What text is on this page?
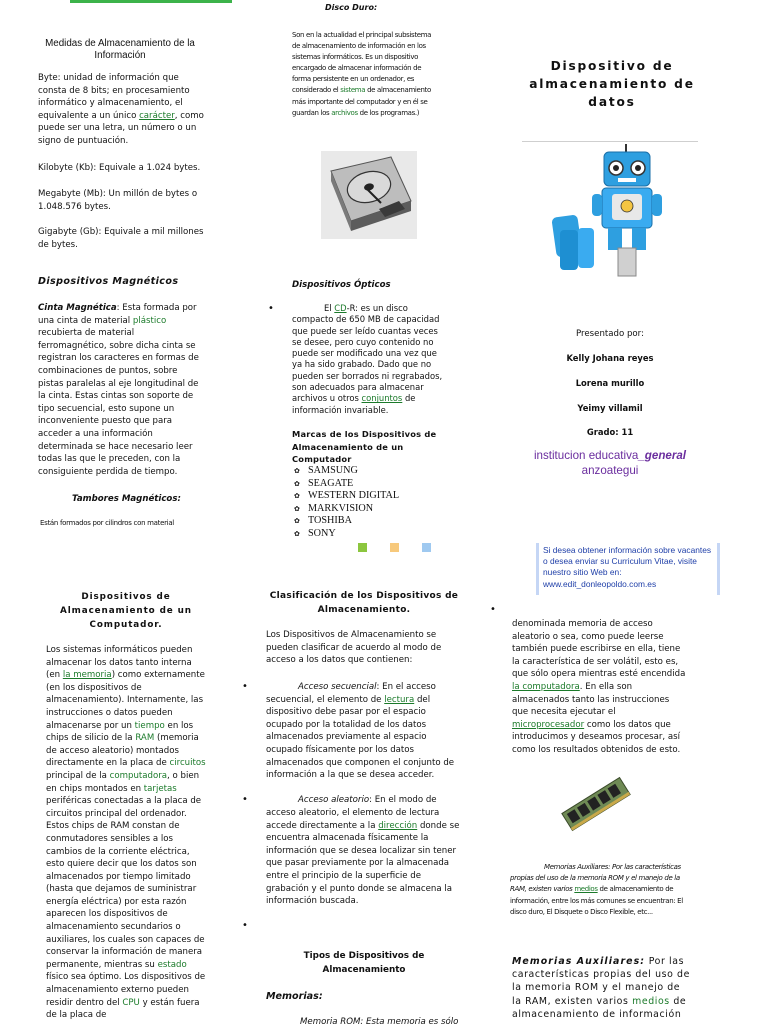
Medidas de Almacenamiento de la Información
Byte: unidad de información que consta de 8 bits; en procesamiento informático y almacenamiento, el equivalente a un único carácter, como puede ser una letra, un número o un signo de puntuación.
Kilobyte (Kb): Equivale a 1.024 bytes.
Megabyte (Mb): Un millón de bytes o 1.048.576 bytes.
Gigabyte (Gb): Equivale a mil millones de bytes.
Dispositivos Magnéticos
Cinta Magnética: Esta formada por una cinta de material plástico recubierta de material ferromagnético, sobre dicha cinta se registran los caracteres en formas de combinaciones de puntos, sobre pistas paralelas al eje longitudinal de la cinta. Estas cintas son soporte de tipo secuencial, esto supone un inconveniente puesto que para acceder a una información determinada se hace necesario leer todas las que le preceden, con la consiguiente perdida de tiempo.
Tambores Magnéticos:
Están formados por cilindros con material
Disco Duro:
Son en la actualidad el principal subsistema de almacenamiento de información en los sistemas informáticos. Es un dispositivo encargado de almacenar información de forma persistente en un ordenador, es considerado el sistema de almacenamiento más importante del computador y en él se guardan los archivos de los programas.)
Dispositivos Ópticos
• El CD-R: es un disco compacto de 650 MB de capacidad que puede ser leído cuantas veces se desee, pero cuyo contenido no puede ser modificado una vez que ya ha sido grabado. Dado que no pueden ser borrados ni regrabados, son adecuados para almacenar archivos u otros conjuntos de información invariable.
Marcas de los Dispositivos de Almacenamiento de un Computador
✿ SAMSUNG
✿ SEAGATE
✿ WESTERN DIGITAL
✿ MARKVISION
✿ TOSHIBA
✿ SONY
Dispositivo de almacenamiento de datos
Presentado por:
Kelly Johana reyes
Lorena murillo
Yeimy villamil
Grado: 11
institucion educativa_general
anzoategui
Si desea obtener información sobre vacantes o desea enviar su Curriculum Vitae, visite nuestro sitio Web en: www.edit_donleopoldo.com.es
Dispositivos de Almacenamiento de un Computador.
Los sistemas informáticos pueden almacenar los datos tanto interna (en la memoria) como externamente (en los dispositivos de almacenamiento). Internamente, las instrucciones o datos pueden almacenarse por un tiempo en los chips de silicio de la RAM (memoria de acceso aleatorio) montados directamente en la placa de circuitos principal de la computadora, o bien en chips montados en tarjetas periféricas conectadas a la placa de circuitos principal del ordenador. Estos chips de RAM constan de conmutadores sensibles a los cambios de la corriente eléctrica, esto quiere decir que los datos son almacenados por tiempo limitado (hasta que dejamos de suministrar energía eléctrica) por esta razón aparecen los dispositivos de almacenamiento secundarios o auxiliares, los cuales son capaces de conservar la información de manera permanente, mientras su estado físico sea óptimo. Los dispositivos de almacenamiento externo pueden residir dentro del CPU y están fuera de la placa de
Clasificación de los Dispositivos de Almacenamiento.
Los Dispositivos de Almacenamiento se pueden clasificar de acuerdo al modo de acceso a los datos que contienen:
• Acceso secuencial: En el acceso secuencial, el elemento de lectura del dispositivo debe pasar por el espacio ocupado por la totalidad de los datos almacenados previamente al espacio ocupado físicamente por los datos almacenados que componen el conjunto de información a la que se desea acceder.
• Acceso aleatorio: En el modo de acceso aleatorio, el elemento de lectura accede directamente a la dirección donde se encuentra almacenada físicamente la información que se desea localizar sin tener que pasar previamente por la almacenada entre el principio de la superficie de grabación y el punto donde se almacena la información buscada.
•
Tipos de Dispositivos de Almacenamiento
Memorias:
Memoria ROM: Esta memoria es sólo
•
denominada memoria de acceso aleatorio o sea, como puede leerse también puede escribirse en ella, tiene la característica de ser volátil, esto es, que sólo opera mientras esté encendida la computadora. En ella son almacenados tanto las instrucciones que necesita ejecutar el microprocesador como los datos que introducimos y deseamos procesar, así como los resultados obtenidos de esto.
Memorias Auxiliares: Por las características propias del uso de la memoria ROM y el manejo de la RAM, existen varios medios de almacenamiento de información, entre los más comunes se encuentran: El disco duro, El Disquete o Disco Flexible, etc...
Memorias Auxiliares: Por las características propias del uso de la memoria ROM y el manejo de la RAM, existen varios medios de almacenamiento de información
